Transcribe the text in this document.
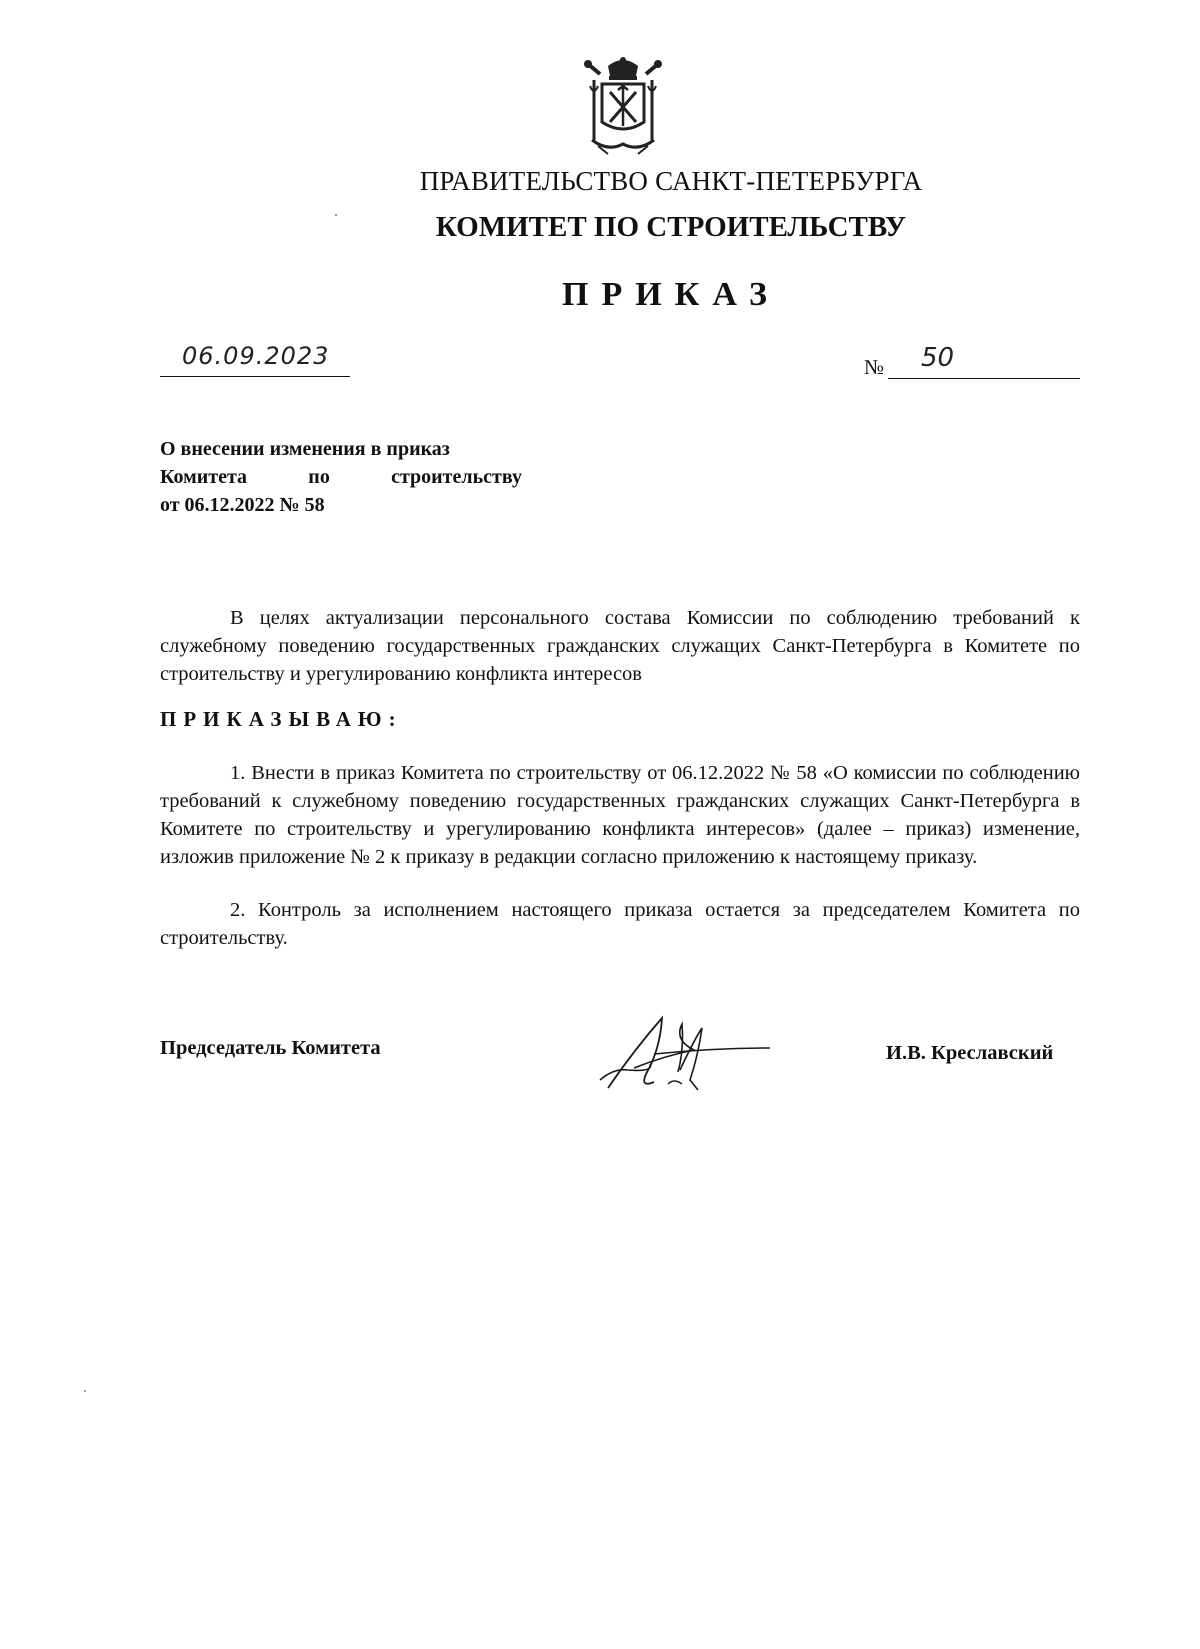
ПРАВИТЕЛЬСТВО САНКТ-ПЕТЕРБУРГА
КОМИТЕТ ПО СТРОИТЕЛЬСТВУ
ПРИКАЗ
06.09.2023	№ 50
О внесении изменения в приказ
Комитета	по	строительству
от 06.12.2022 № 58

В целях актуализации персонального состава Комиссии по соблюдению требований к служебному поведению государственных гражданских служащих Санкт-Петербурга в Комитете по строительству и урегулированию конфликта интересов

ПРИКАЗЫВАЮ:

1. Внести в приказ Комитета по строительству от 06.12.2022 № 58 «О комиссии по соблюдению требований к служебному поведению государственных гражданских служащих Санкт-Петербурга в Комитете по строительству и урегулированию конфликта интересов» (далее – приказ) изменение, изложив приложение № 2 к приказу в редакции согласно приложению к настоящему приказу.

2. Контроль за исполнением настоящего приказа остается за председателем Комитета по строительству.

Председатель Комитета	И.В. Креславский
